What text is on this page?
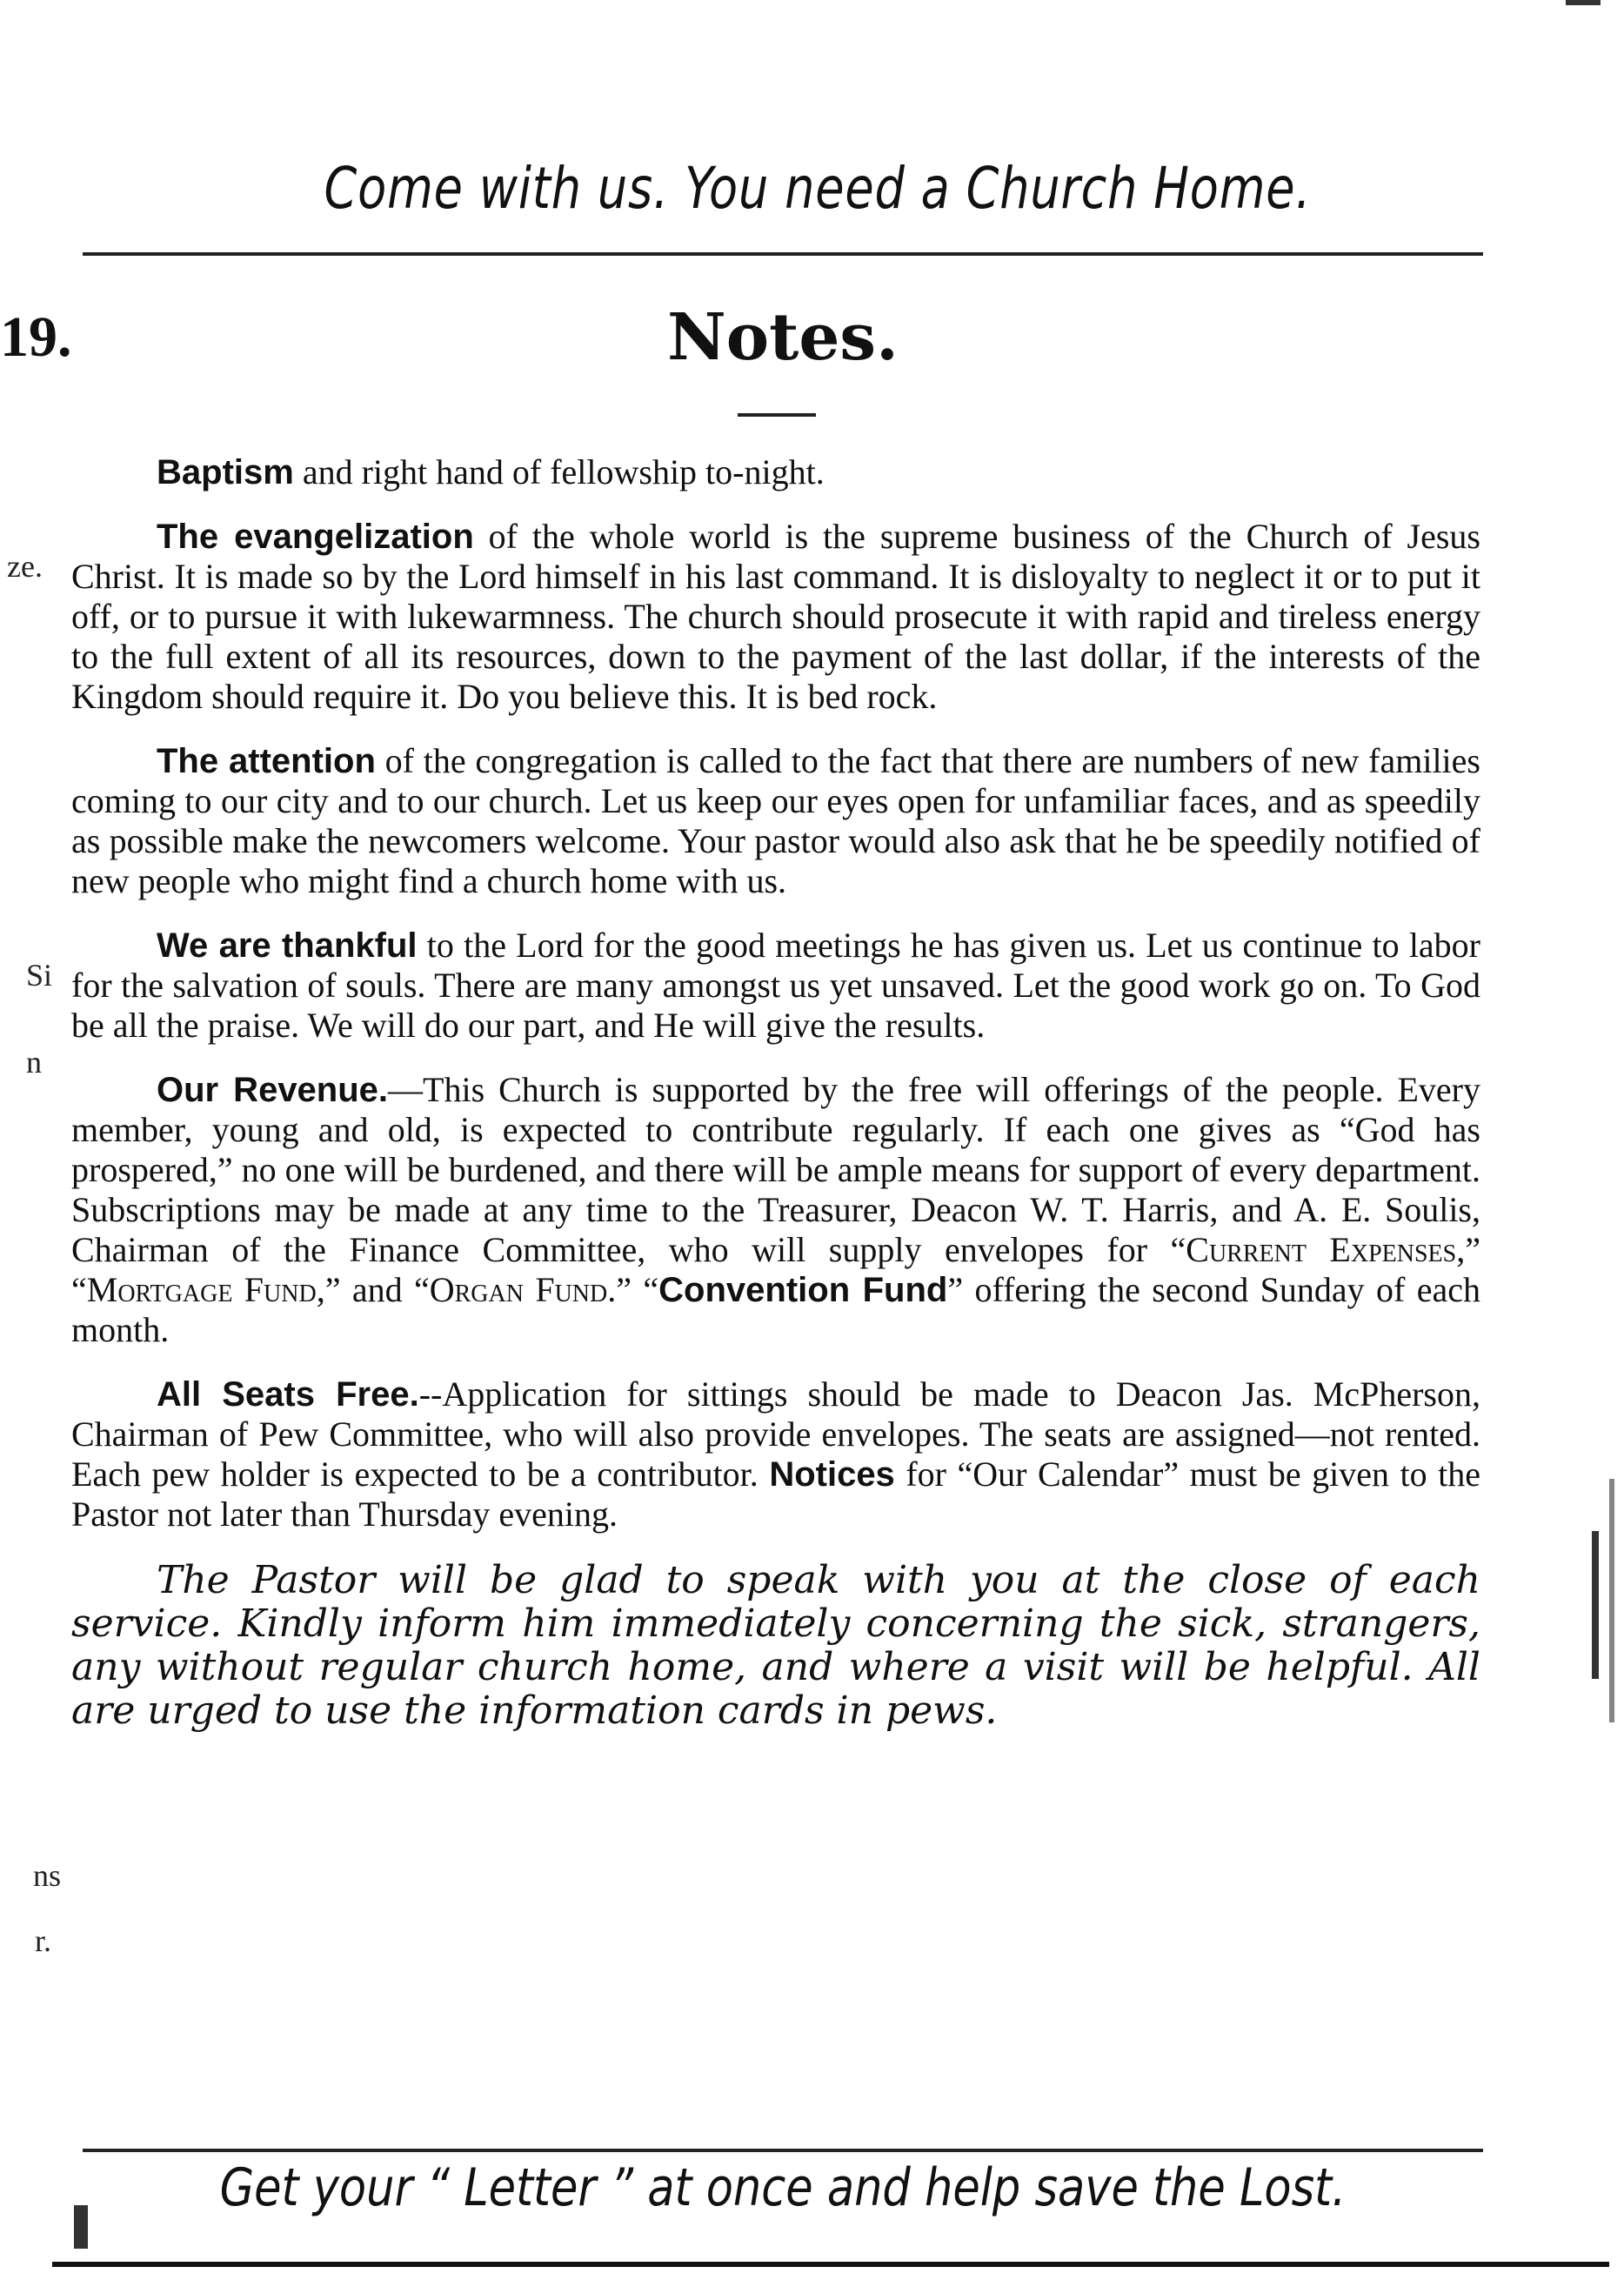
Come with us. You need a Church Home.
19.	Notes.

Baptism and right hand of fellowship to-night.

The evangelization of the whole world is the supreme business of the Church of Jesus Christ. It is made so by the Lord himself in his last command. It is disloyalty to neglect it or to put it off, or to pursue it with lukewarmness. The church should prosecute it with rapid and tireless energy to the full extent of all its resources, down to the payment of the last dollar, if the interests of the Kingdom should require it. Do you believe this. It is bed rock.

The attention of the congregation is called to the fact that there are numbers of new families coming to our city and to our church. Let us keep our eyes open for unfamiliar faces, and as speedily as possible make the newcomers welcome. Your pastor would also ask that he be speedily notified of new people who might find a church home with us.

We are thankful to the Lord for the good meetings he has given us. Let us continue to labor for the salvation of souls. There are many amongst us yet unsaved. Let the good work go on. To God be all the praise. We will do our part, and He will give the results.

Our Revenue.—This Church is supported by the free will offerings of the people. Every member, young and old, is expected to contribute regularly. If each one gives as “God has prospered,” no one will be burdened, and there will be ample means for support of every department. Subscriptions may be made at any time to the Treasurer, Deacon W. T. Harris, and A. E. Soulis, Chairman of the Finance Committee, who will supply envelopes for “Current Expenses,” “Mortgage Fund,” and “Organ Fund.” “Convention Fund” offering the second Sunday of each month.

All Seats Free.--Application for sittings should be made to Deacon Jas. McPherson, Chairman of Pew Committee, who will also provide envelopes. The seats are assigned—not rented. Each pew holder is expected to be a contributor. Notices for “Our Calendar” must be given to the Pastor not later than Thursday evening.

The Pastor will be glad to speak with you at the close of each service. Kindly inform him immediately concerning the sick, strangers, any without regular church home, and where a visit will be helpful. All are urged to use the information cards in pews.

Get your “ Letter ” at once and help save the Lost.
ze.
Si
n
ns
r.
